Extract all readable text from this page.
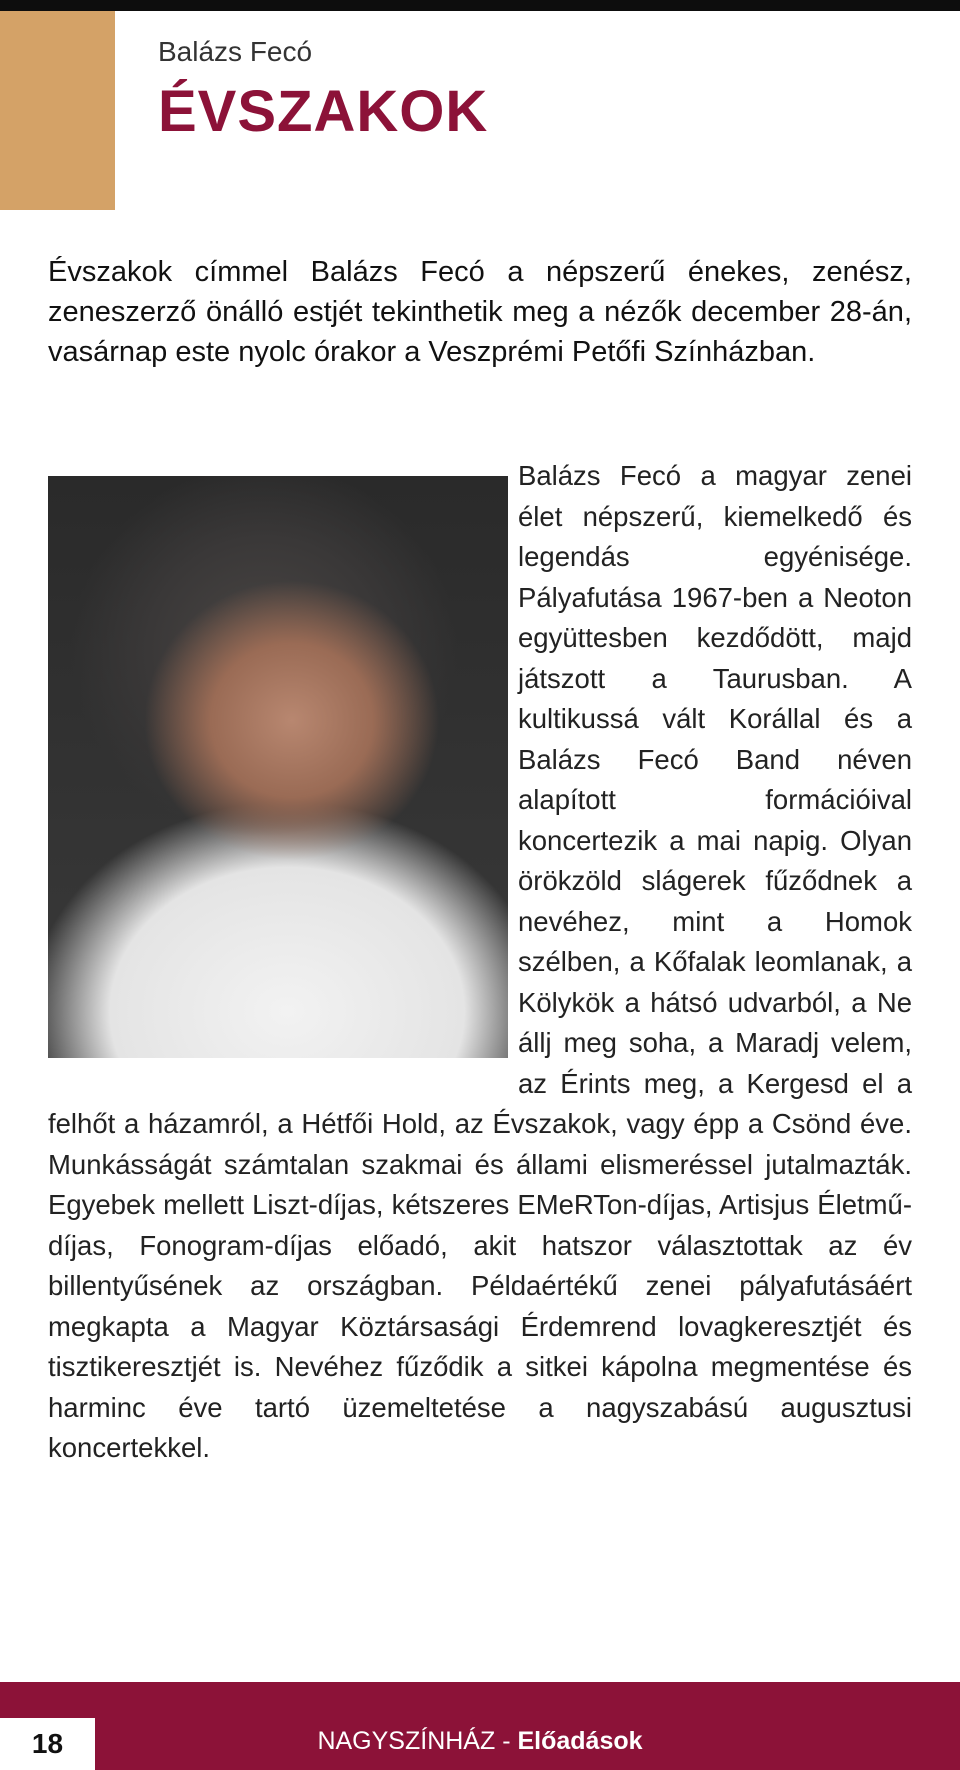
Balázs Fecó
ÉVSZAKOK

Évszakok címmel Balázs Fecó a népszerű énekes, zenész, zeneszerző önálló estjét tekinthetik meg a nézők december 28-án, vasárnap este nyolc órakor a Veszprémi Petőfi Színházban.

Balázs Fecó a magyar zenei élet népszerű, kiemelkedő és legendás egyénisége. Pályafutása 1967-ben a Neoton együttesben kezdődött, majd játszott a Taurusban. A kultikussá vált Korállal és a Balázs Fecó Band néven alapított formációival koncertezik a mai napig. Olyan örökzöld slágerek fűződnek a nevéhez, mint a Homok szélben, a Kőfalak leomlanak, a Kölykök a hátsó udvarból, a Ne állj meg soha, a Maradj velem, az Érints meg, a Kergesd el a felhőt a házamról, a Hétfői Hold, az Évszakok, vagy épp a Csönd éve. Munkásságát számtalan szakmai és állami elismeréssel jutalmazták. Egyebek mellett Liszt-díjas, kétszeres EMeRTon-díjas, Artisjus Életmű-díjas, Fonogram-díjas előadó, akit hatszor választottak az év billentyűsének az országban. Példaértékű zenei pályafutásáért megkapta a Magyar Köztársasági Érdemrend lovagkeresztjét és tisztikeresztjét is. Nevéhez fűződik a sitkei kápolna megmentése és harminc éve tartó üzemeltetése a nagyszabású augusztusi koncertekkel.

18	NAGYSZÍNHÁZ - Előadások
